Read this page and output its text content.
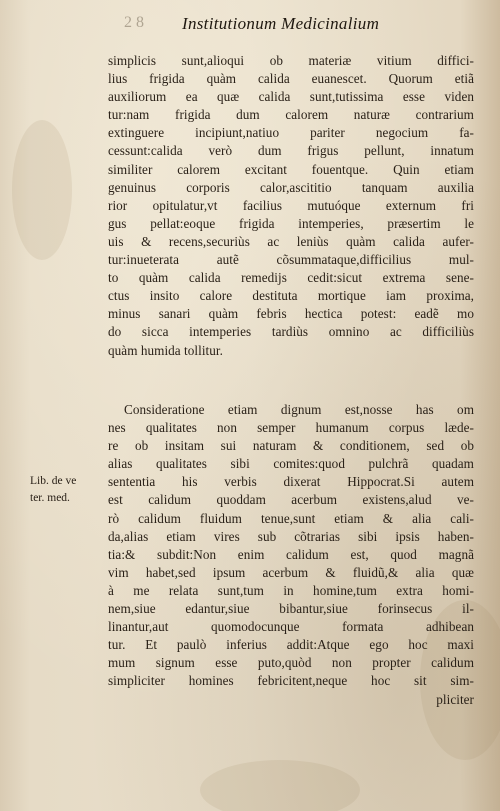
2 8 Institutionum Medicinalium
simplicis sunt,alioqui ob materiæ vitium diffici-
lius frigida quàm calida euanescet. Quorum etiã
auxiliorum ea quæ calida sunt,tutissima esse viden
tur:nam frigida dum calorem naturæ contrarium
extinguere incipiunt,natiuo pariter negocium fa-
cessunt:calida verò dum frigus pellunt, innatum
similiter calorem excitant fouentque. Quin etiam
genuinus corporis calor,ascititio tanquam auxilia
rior opitulatur,vt facilius mutuóque externum fri
gus pellat:eoque frigida intemperies, præsertim le
uis & recens,securiùs ac leniùs quàm calida aufer-
tur:inueterata autẽ cõsummataque,difficilius mul-
to quàm calida remedijs cedit:sicut extrema sene-
ctus insito calore destituta mortique iam proxima,
minus sanari quàm febris hectica potest: eadẽ mo
do sicca intemperies tardiùs omnino ac difficiliùs
quàm humida tollitur.
Lib. de ve
ter. med.
Consideratione etiam dignum est,nosse has om
nes qualitates non semper humanum corpus læde-
re ob insitam sui naturam & conditionem, sed ob
alias qualitates sibi comites:quod pulchrã quadam
sententia his verbis dixerat Hippocrat.Si autem
est calidum quoddam acerbum existens,alud ve-
rò calidum fluidum tenue,sunt etiam & alia cali-
da,alias etiam vires sub cõtrarias sibi ipsis haben-
tia:& subdit:Non enim calidum est, quod magnã
vim habet,sed ipsum acerbum & fluidũ,& alia quæ
à me relata sunt,tum in homine,tum extra homi-
nem,siue edantur,siue bibantur,siue forinsecus il-
linantur,aut quomodocunque formata adhibean
tur. Et paulò inferius addit:Atque ego hoc maxi
mum signum esse puto,quòd non propter calidum
simpliciter homines febricitent,neque hoc sit sim-
pliciter
